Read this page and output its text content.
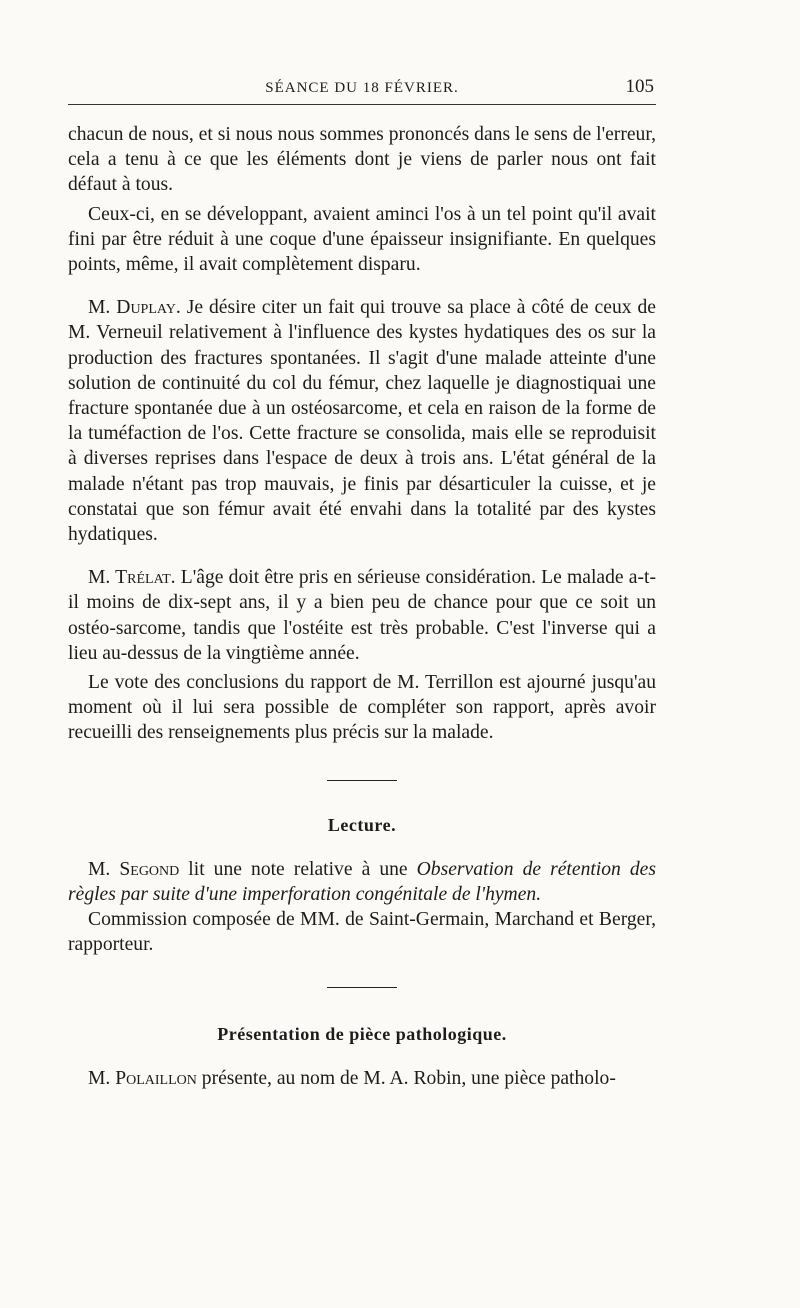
SÉANCE DU 18 FÉVRIER.	105

chacun de nous, et si nous nous sommes prononcés dans le sens de l'erreur, cela a tenu à ce que les éléments dont je viens de parler nous ont fait défaut à tous.

Ceux-ci, en se développant, avaient aminci l'os à un tel point qu'il avait fini par être réduit à une coque d'une épaisseur insignifiante. En quelques points, même, il avait complètement disparu.

M. Duplay. Je désire citer un fait qui trouve sa place à côté de ceux de M. Verneuil relativement à l'influence des kystes hydatiques des os sur la production des fractures spontanées. Il s'agit d'une malade atteinte d'une solution de continuité du col du fémur, chez laquelle je diagnostiquai une fracture spontanée due à un ostéosarcome, et cela en raison de la forme de la tuméfaction de l'os. Cette fracture se consolida, mais elle se reproduisit à diverses reprises dans l'espace de deux à trois ans. L'état général de la malade n'étant pas trop mauvais, je finis par désarticuler la cuisse, et je constatai que son fémur avait été envahi dans la totalité par des kystes hydatiques.

M. Trélat. L'âge doit être pris en sérieuse considération. Le malade a-t-il moins de dix-sept ans, il y a bien peu de chance pour que ce soit un ostéo-sarcome, tandis que l'ostéite est très probable. C'est l'inverse qui a lieu au-dessus de la vingtième année.

Le vote des conclusions du rapport de M. Terrillon est ajourné jusqu'au moment où il lui sera possible de compléter son rapport, après avoir recueilli des renseignements plus précis sur la malade.

Lecture.

M. Segond lit une note relative à une Observation de rétention des règles par suite d'une imperforation congénitale de l'hymen.

Commission composée de MM. de Saint-Germain, Marchand et Berger, rapporteur.

Présentation de pièce pathologique.

M. Polaillon présente, au nom de M. A. Robin, une pièce patholo-
